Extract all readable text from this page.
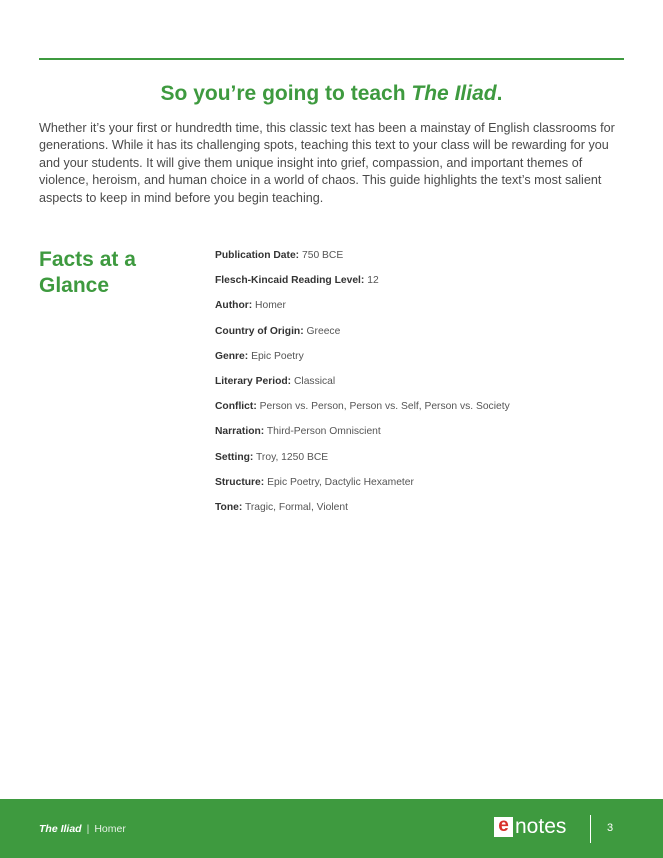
So you’re going to teach The Iliad.
Whether it’s your first or hundredth time, this classic text has been a mainstay of English classrooms for generations. While it has its challenging spots, teaching this text to your class will be rewarding for you and your students. It will give them unique insight into grief, compassion, and important themes of violence, heroism, and human choice in a world of chaos. This guide highlights the text’s most salient aspects to keep in mind before you begin teaching.
Facts at a Glance
Publication Date: 750 BCE
Flesch-Kincaid Reading Level: 12
Author: Homer
Country of Origin: Greece
Genre: Epic Poetry
Literary Period: Classical
Conflict: Person vs. Person, Person vs. Self, Person vs. Society
Narration: Third-Person Omniscient
Setting: Troy, 1250 BCE
Structure: Epic Poetry, Dactylic Hexameter
Tone: Tragic, Formal, Violent
The Iliad | Homer	e notes	3
